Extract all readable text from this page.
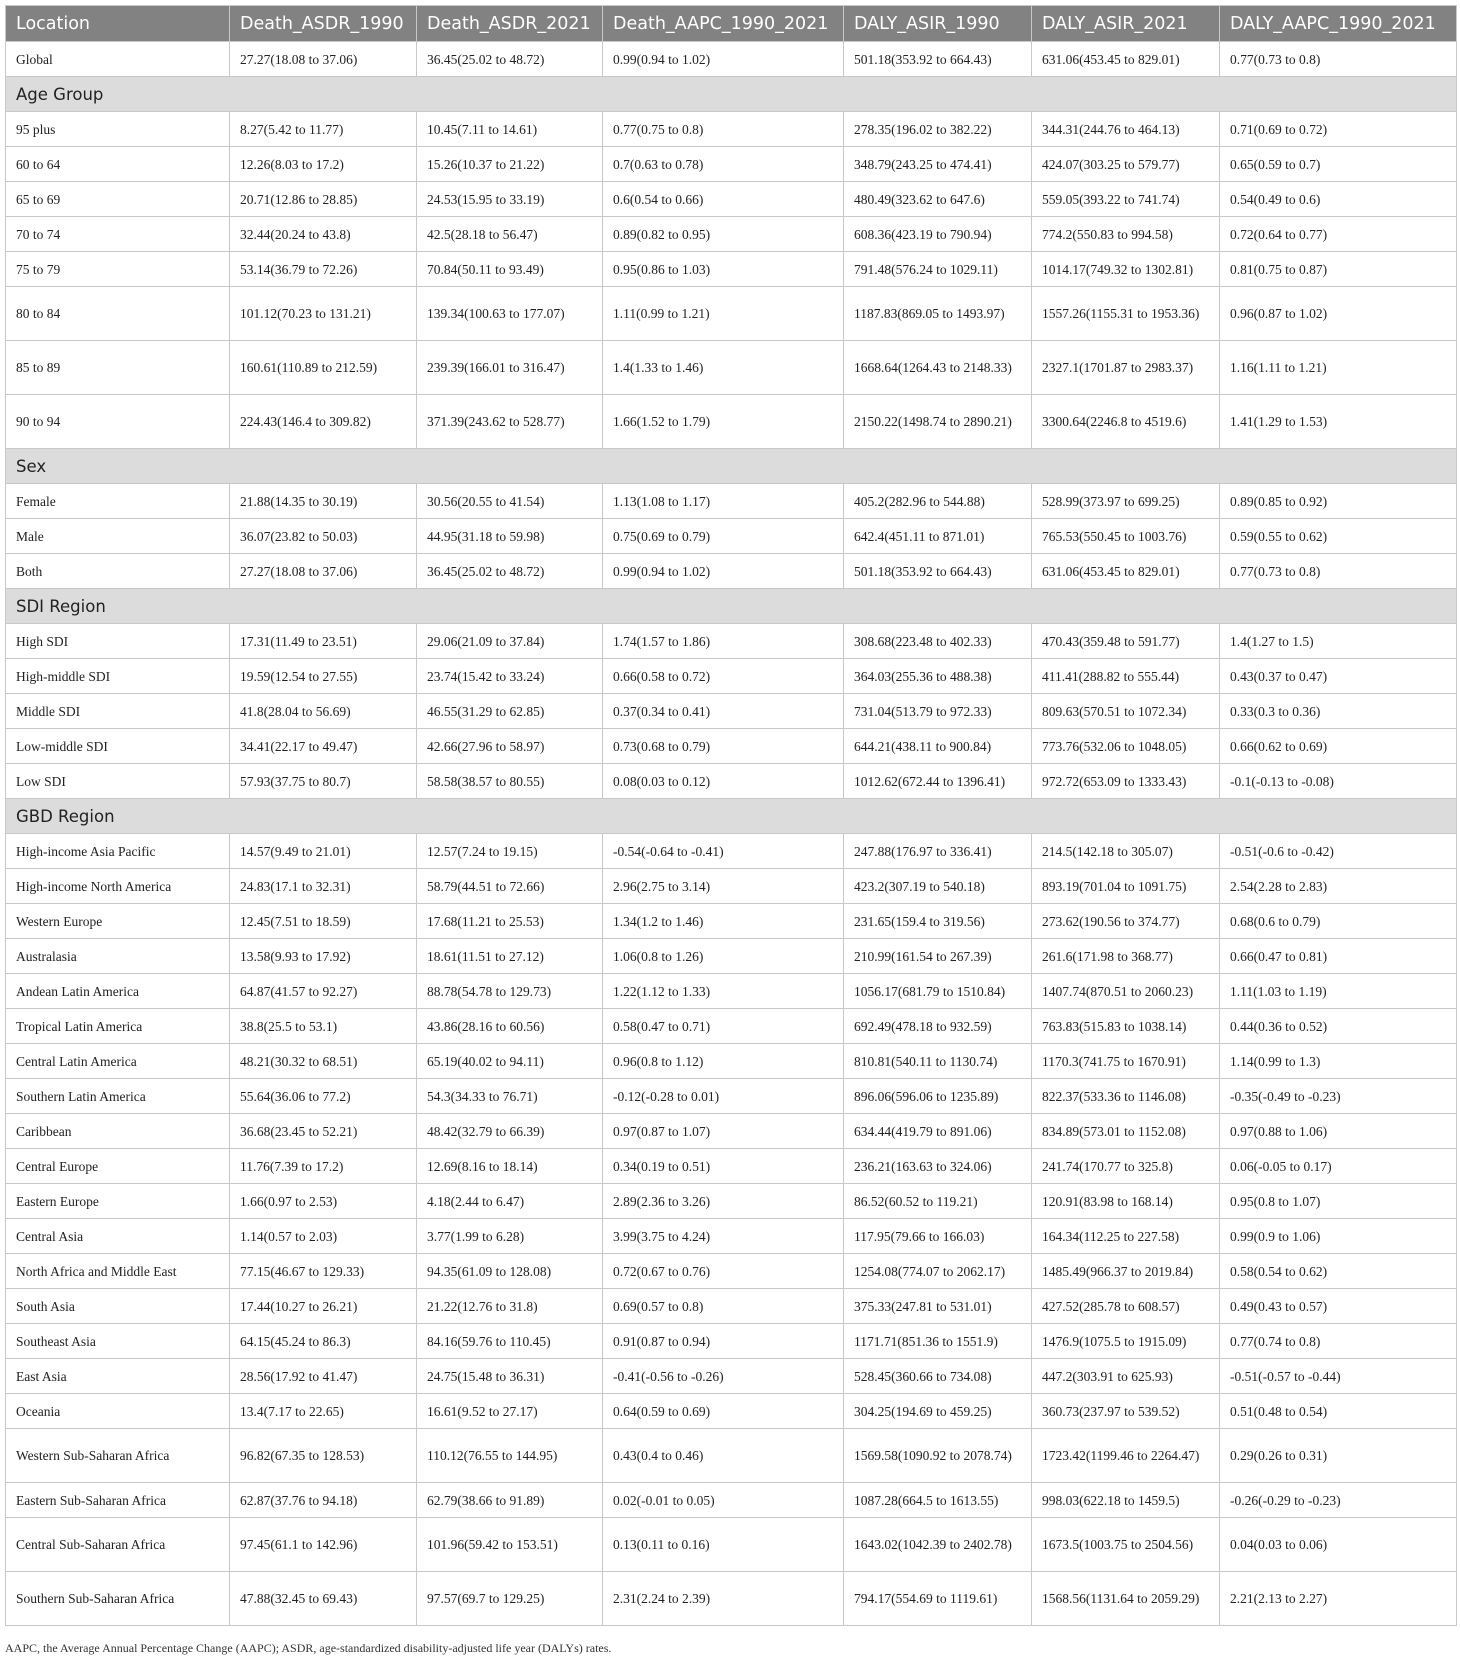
Location	Death_ASDR_1990	Death_ASDR_2021	Death_AAPC_1990_2021	DALY_ASIR_1990	DALY_ASIR_2021	DALY_AAPC_1990_2021
Global	27.27(18.08 to 37.06)	36.45(25.02 to 48.72)	0.99(0.94 to 1.02)	501.18(353.92 to 664.43)	631.06(453.45 to 829.01)	0.77(0.73 to 0.8)
Age Group						
95 plus	8.27(5.42 to 11.77)	10.45(7.11 to 14.61)	0.77(0.75 to 0.8)	278.35(196.02 to 382.22)	344.31(244.76 to 464.13)	0.71(0.69 to 0.72)
60 to 64	12.26(8.03 to 17.2)	15.26(10.37 to 21.22)	0.7(0.63 to 0.78)	348.79(243.25 to 474.41)	424.07(303.25 to 579.77)	0.65(0.59 to 0.7)
65 to 69	20.71(12.86 to 28.85)	24.53(15.95 to 33.19)	0.6(0.54 to 0.66)	480.49(323.62 to 647.6)	559.05(393.22 to 741.74)	0.54(0.49 to 0.6)
70 to 74	32.44(20.24 to 43.8)	42.5(28.18 to 56.47)	0.89(0.82 to 0.95)	608.36(423.19 to 790.94)	774.2(550.83 to 994.58)	0.72(0.64 to 0.77)
75 to 79	53.14(36.79 to 72.26)	70.84(50.11 to 93.49)	0.95(0.86 to 1.03)	791.48(576.24 to 1029.11)	1014.17(749.32 to 1302.81)	0.81(0.75 to 0.87)
80 to 84	101.12(70.23 to 131.21)	139.34(100.63 to 177.07)	1.11(0.99 to 1.21)	1187.83(869.05 to 1493.97)	1557.26(1155.31 to 1953.36)	0.96(0.87 to 1.02)
85 to 89	160.61(110.89 to 212.59)	239.39(166.01 to 316.47)	1.4(1.33 to 1.46)	1668.64(1264.43 to 2148.33)	2327.1(1701.87 to 2983.37)	1.16(1.11 to 1.21)
90 to 94	224.43(146.4 to 309.82)	371.39(243.62 to 528.77)	1.66(1.52 to 1.79)	2150.22(1498.74 to 2890.21)	3300.64(2246.8 to 4519.6)	1.41(1.29 to 1.53)
Sex						
Female	21.88(14.35 to 30.19)	30.56(20.55 to 41.54)	1.13(1.08 to 1.17)	405.2(282.96 to 544.88)	528.99(373.97 to 699.25)	0.89(0.85 to 0.92)
Male	36.07(23.82 to 50.03)	44.95(31.18 to 59.98)	0.75(0.69 to 0.79)	642.4(451.11 to 871.01)	765.53(550.45 to 1003.76)	0.59(0.55 to 0.62)
Both	27.27(18.08 to 37.06)	36.45(25.02 to 48.72)	0.99(0.94 to 1.02)	501.18(353.92 to 664.43)	631.06(453.45 to 829.01)	0.77(0.73 to 0.8)
SDI Region						
High SDI	17.31(11.49 to 23.51)	29.06(21.09 to 37.84)	1.74(1.57 to 1.86)	308.68(223.48 to 402.33)	470.43(359.48 to 591.77)	1.4(1.27 to 1.5)
High-middle SDI	19.59(12.54 to 27.55)	23.74(15.42 to 33.24)	0.66(0.58 to 0.72)	364.03(255.36 to 488.38)	411.41(288.82 to 555.44)	0.43(0.37 to 0.47)
Middle SDI	41.8(28.04 to 56.69)	46.55(31.29 to 62.85)	0.37(0.34 to 0.41)	731.04(513.79 to 972.33)	809.63(570.51 to 1072.34)	0.33(0.3 to 0.36)
Low-middle SDI	34.41(22.17 to 49.47)	42.66(27.96 to 58.97)	0.73(0.68 to 0.79)	644.21(438.11 to 900.84)	773.76(532.06 to 1048.05)	0.66(0.62 to 0.69)
Low SDI	57.93(37.75 to 80.7)	58.58(38.57 to 80.55)	0.08(0.03 to 0.12)	1012.62(672.44 to 1396.41)	972.72(653.09 to 1333.43)	-0.1(-0.13 to -0.08)
GBD Region						
High-income Asia Pacific	14.57(9.49 to 21.01)	12.57(7.24 to 19.15)	-0.54(-0.64 to -0.41)	247.88(176.97 to 336.41)	214.5(142.18 to 305.07)	-0.51(-0.6 to -0.42)
High-income North America	24.83(17.1 to 32.31)	58.79(44.51 to 72.66)	2.96(2.75 to 3.14)	423.2(307.19 to 540.18)	893.19(701.04 to 1091.75)	2.54(2.28 to 2.83)
Western Europe	12.45(7.51 to 18.59)	17.68(11.21 to 25.53)	1.34(1.2 to 1.46)	231.65(159.4 to 319.56)	273.62(190.56 to 374.77)	0.68(0.6 to 0.79)
Australasia	13.58(9.93 to 17.92)	18.61(11.51 to 27.12)	1.06(0.8 to 1.26)	210.99(161.54 to 267.39)	261.6(171.98 to 368.77)	0.66(0.47 to 0.81)
Andean Latin America	64.87(41.57 to 92.27)	88.78(54.78 to 129.73)	1.22(1.12 to 1.33)	1056.17(681.79 to 1510.84)	1407.74(870.51 to 2060.23)	1.11(1.03 to 1.19)
Tropical Latin America	38.8(25.5 to 53.1)	43.86(28.16 to 60.56)	0.58(0.47 to 0.71)	692.49(478.18 to 932.59)	763.83(515.83 to 1038.14)	0.44(0.36 to 0.52)
Central Latin America	48.21(30.32 to 68.51)	65.19(40.02 to 94.11)	0.96(0.8 to 1.12)	810.81(540.11 to 1130.74)	1170.3(741.75 to 1670.91)	1.14(0.99 to 1.3)
Southern Latin America	55.64(36.06 to 77.2)	54.3(34.33 to 76.71)	-0.12(-0.28 to 0.01)	896.06(596.06 to 1235.89)	822.37(533.36 to 1146.08)	-0.35(-0.49 to -0.23)
Caribbean	36.68(23.45 to 52.21)	48.42(32.79 to 66.39)	0.97(0.87 to 1.07)	634.44(419.79 to 891.06)	834.89(573.01 to 1152.08)	0.97(0.88 to 1.06)
Central Europe	11.76(7.39 to 17.2)	12.69(8.16 to 18.14)	0.34(0.19 to 0.51)	236.21(163.63 to 324.06)	241.74(170.77 to 325.8)	0.06(-0.05 to 0.17)
Eastern Europe	1.66(0.97 to 2.53)	4.18(2.44 to 6.47)	2.89(2.36 to 3.26)	86.52(60.52 to 119.21)	120.91(83.98 to 168.14)	0.95(0.8 to 1.07)
Central Asia	1.14(0.57 to 2.03)	3.77(1.99 to 6.28)	3.99(3.75 to 4.24)	117.95(79.66 to 166.03)	164.34(112.25 to 227.58)	0.99(0.9 to 1.06)
North Africa and Middle East	77.15(46.67 to 129.33)	94.35(61.09 to 128.08)	0.72(0.67 to 0.76)	1254.08(774.07 to 2062.17)	1485.49(966.37 to 2019.84)	0.58(0.54 to 0.62)
South Asia	17.44(10.27 to 26.21)	21.22(12.76 to 31.8)	0.69(0.57 to 0.8)	375.33(247.81 to 531.01)	427.52(285.78 to 608.57)	0.49(0.43 to 0.57)
Southeast Asia	64.15(45.24 to 86.3)	84.16(59.76 to 110.45)	0.91(0.87 to 0.94)	1171.71(851.36 to 1551.9)	1476.9(1075.5 to 1915.09)	0.77(0.74 to 0.8)
East Asia	28.56(17.92 to 41.47)	24.75(15.48 to 36.31)	-0.41(-0.56 to -0.26)	528.45(360.66 to 734.08)	447.2(303.91 to 625.93)	-0.51(-0.57 to -0.44)
Oceania	13.4(7.17 to 22.65)	16.61(9.52 to 27.17)	0.64(0.59 to 0.69)	304.25(194.69 to 459.25)	360.73(237.97 to 539.52)	0.51(0.48 to 0.54)
Western Sub-Saharan Africa	96.82(67.35 to 128.53)	110.12(76.55 to 144.95)	0.43(0.4 to 0.46)	1569.58(1090.92 to 2078.74)	1723.42(1199.46 to 2264.47)	0.29(0.26 to 0.31)
Eastern Sub-Saharan Africa	62.87(37.76 to 94.18)	62.79(38.66 to 91.89)	0.02(-0.01 to 0.05)	1087.28(664.5 to 1613.55)	998.03(622.18 to 1459.5)	-0.26(-0.29 to -0.23)
Central Sub-Saharan Africa	97.45(61.1 to 142.96)	101.96(59.42 to 153.51)	0.13(0.11 to 0.16)	1643.02(1042.39 to 2402.78)	1673.5(1003.75 to 2504.56)	0.04(0.03 to 0.06)
Southern Sub-Saharan Africa	47.88(32.45 to 69.43)	97.57(69.7 to 129.25)	2.31(2.24 to 2.39)	794.17(554.69 to 1119.61)	1568.56(1131.64 to 2059.29)	2.21(2.13 to 2.27)
AAPC, the Average Annual Percentage Change (AAPC); ASDR, age-standardized disability-adjusted life year (DALYs) rates.
